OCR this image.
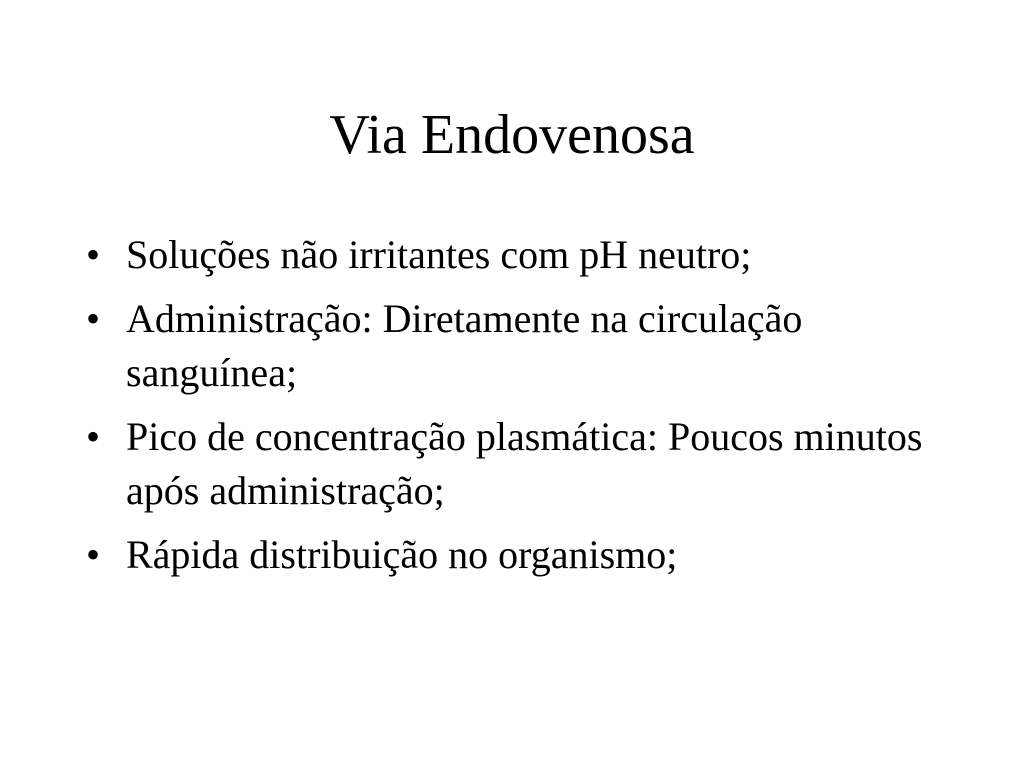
Via Endovenosa
• Soluções não irritantes com pH neutro;
• Administração: Diretamente na circulação sanguínea;
• Pico de concentração plasmática: Poucos minutos após administração;
• Rápida distribuição no organismo;
